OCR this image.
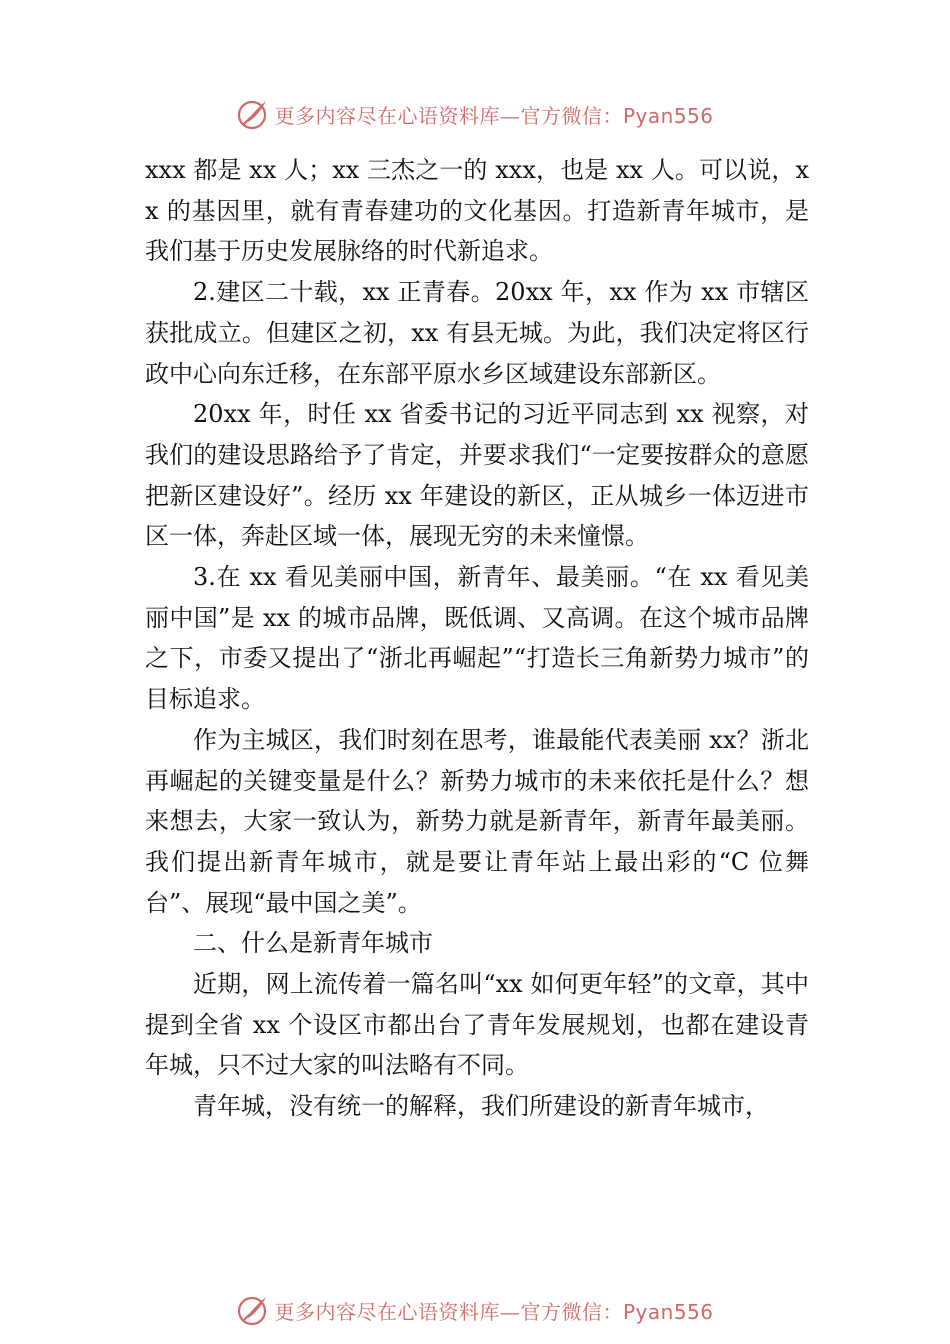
更多内容尽在心语资料库—官方微信：Pyan556

xxx 都是 xx 人；xx 三杰之一的 xxx，也是 xx 人。可以说，xx 的基因里，就有青春建功的文化基因。打造新青年城市，是我们基于历史发展脉络的时代新追求。

2.建区二十载，xx 正青春。20xx 年，xx 作为 xx 市辖区获批成立。但建区之初，xx 有县无城。为此，我们决定将区行政中心向东迁移，在东部平原水乡区域建设东部新区。

20xx 年，时任 xx 省委书记的习近平同志到 xx 视察，对我们的建设思路给予了肯定，并要求我们“一定要按群众的意愿把新区建设好”。经历 xx 年建设的新区，正从城乡一体迈进市区一体，奔赴区域一体，展现无穷的未来憧憬。

3.在 xx 看见美丽中国，新青年、最美丽。“在 xx 看见美丽中国”是 xx 的城市品牌，既低调、又高调。在这个城市品牌之下，市委又提出了“浙北再崛起”“打造长三角新势力城市”的目标追求。

作为主城区，我们时刻在思考，谁最能代表美丽 xx？浙北再崛起的关键变量是什么？新势力城市的未来依托是什么？想来想去，大家一致认为，新势力就是新青年，新青年最美丽。我们提出新青年城市，就是要让青年站上最出彩的“C 位舞台”、展现“最中国之美”。

二、什么是新青年城市

近期，网上流传着一篇名叫“xx 如何更年轻”的文章，其中提到全省 xx 个设区市都出台了青年发展规划，也都在建设青年城，只不过大家的叫法略有不同。

青年城，没有统一的解释，我们所建设的新青年城市，

更多内容尽在心语资料库—官方微信：Pyan556
